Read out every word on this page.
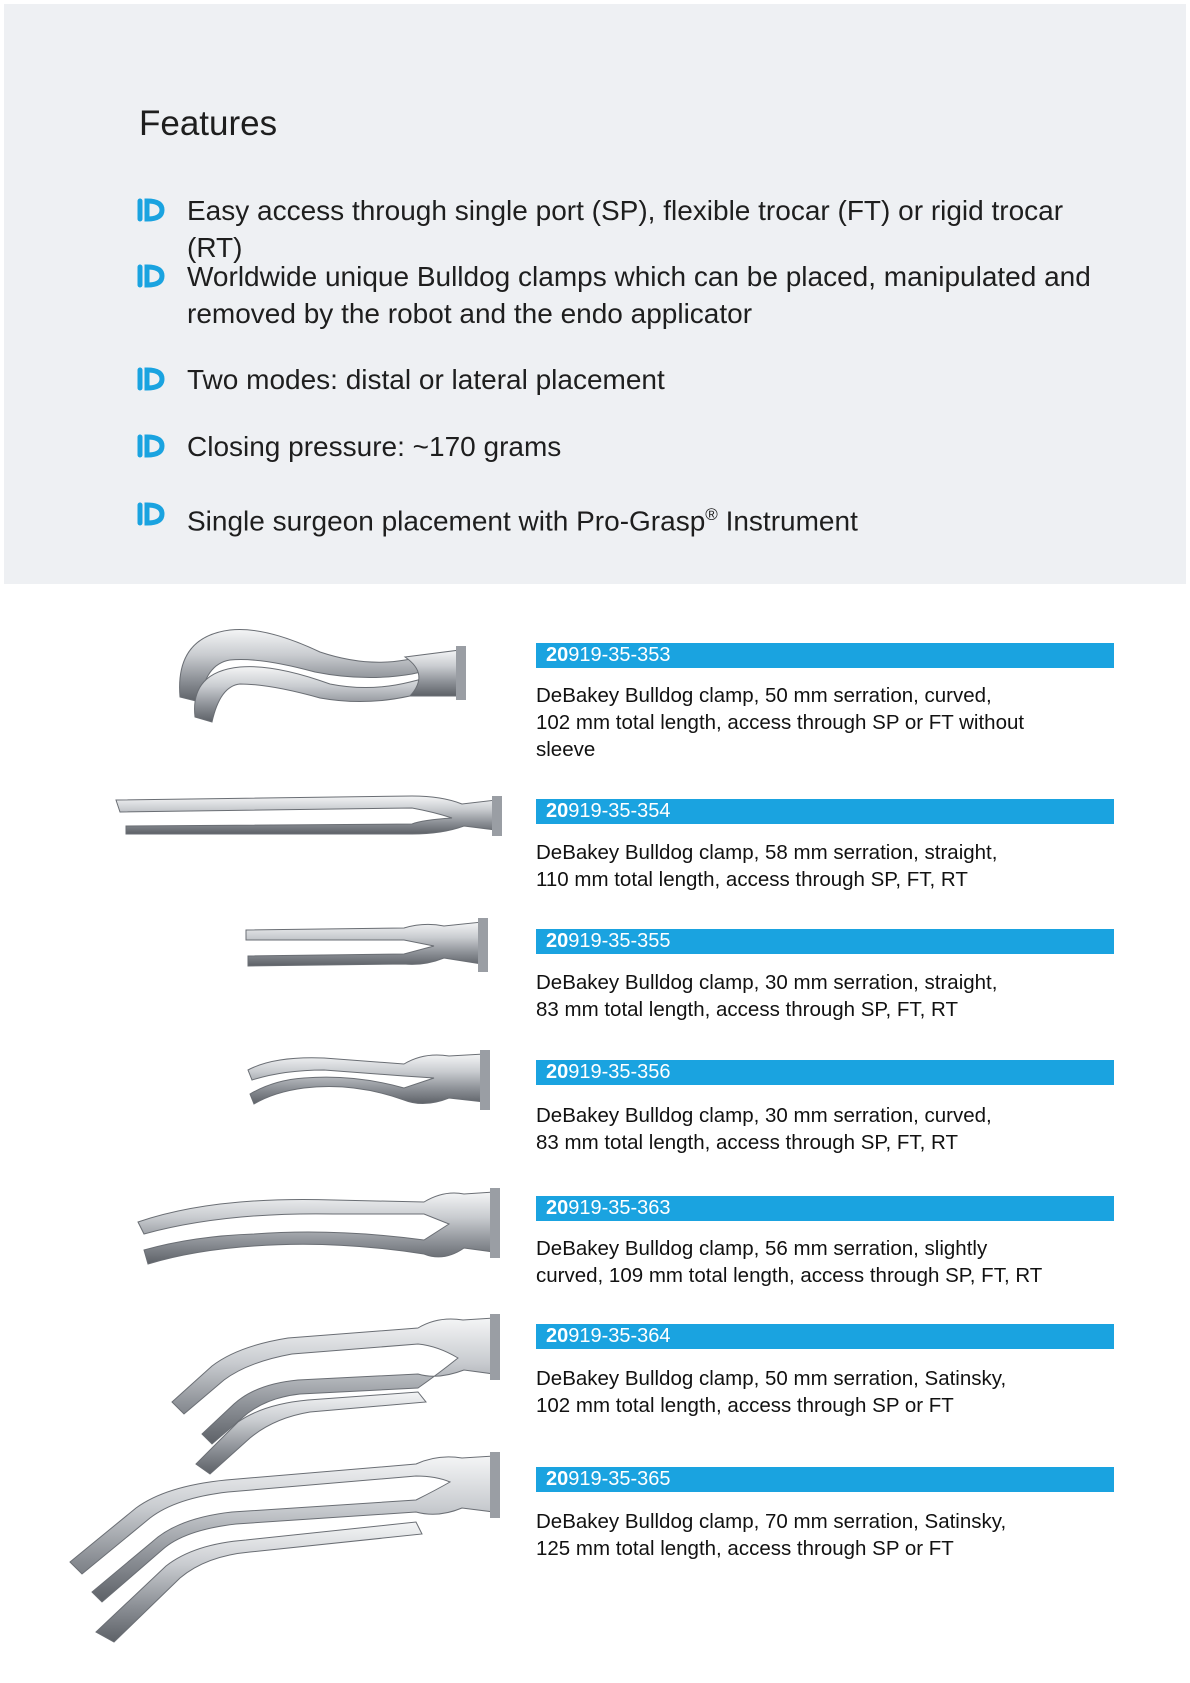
Features
Easy access through single port (SP), flexible trocar (FT) or rigid trocar (RT)
Worldwide unique Bulldog clamps which can be placed, manipulated and removed by the robot and the endo applicator
Two modes: distal or lateral placement
Closing pressure: ~170 grams
Single surgeon placement with Pro-Grasp® Instrument
20919-35-353
DeBakey Bulldog clamp, 50 mm serration, curved,
102 mm total length, access through SP or FT without
sleeve
20919-35-354
DeBakey Bulldog clamp, 58 mm serration, straight,
110 mm total length, access through SP, FT, RT
20919-35-355
DeBakey Bulldog clamp, 30 mm serration, straight,
83 mm total length, access through SP, FT, RT
20919-35-356
DeBakey Bulldog clamp, 30 mm serration, curved,
83 mm total length, access through SP, FT, RT
20919-35-363
DeBakey Bulldog clamp, 56 mm serration, slightly
curved, 109 mm total length, access through SP, FT, RT
20919-35-364
DeBakey Bulldog clamp, 50 mm serration, Satinsky,
102 mm total length, access through SP or FT
20919-35-365
DeBakey Bulldog clamp, 70 mm serration, Satinsky,
125 mm total length, access through SP or FT
